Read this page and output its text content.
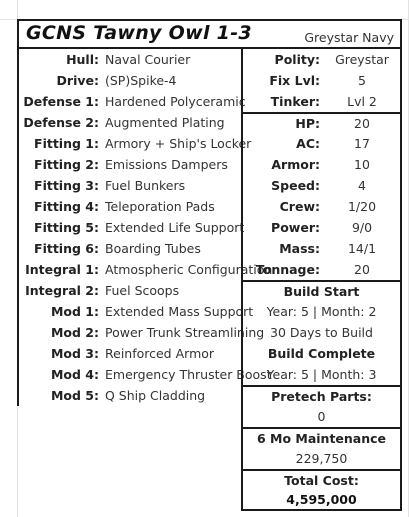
GCNS Tawny Owl 1-3	Greystar Navy
Hull: Naval Courier
Drive: (SP)Spike-4
Defense 1: Hardened Polyceramic
Defense 2: Augmented Plating
Fitting 1: Armory + Ship's Locker
Fitting 2: Emissions Dampers
Fitting 3: Fuel Bunkers
Fitting 4: Teleporation Pads
Fitting 5: Extended Life Support
Fitting 6: Boarding Tubes
Integral 1: Atmospheric Configuration
Integral 2: Fuel Scoops
Mod 1: Extended Mass Support
Mod 2: Power Trunk Streamlining
Mod 3: Reinforced Armor
Mod 4: Emergency Thruster Boost
Mod 5: Q Ship Cladding
Polity:	Greystar
Fix Lvl:	5
Tinker:	Lvl 2
HP:	20
AC:	17
Armor:	10
Speed:	4
Crew:	1/20
Power:	9/0
Mass:	14/1
Tonnage:	20
Build Start
Year: 5 | Month: 2
30 Days to Build
Build Complete
Year: 5 | Month: 3
Pretech Parts:
0
6 Mo Maintenance
229,750
Total Cost:
4,595,000
